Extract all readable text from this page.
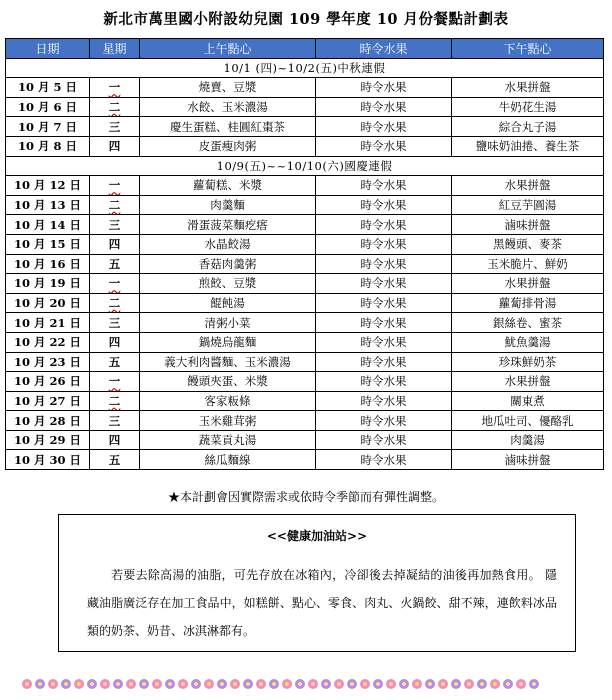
新北市萬里國小附設幼兒園 109 學年度 10 月份餐點計劃表
日期	星期	上午點心	時令水果	下午點心
10/1 (四)~10/2(五)中秋連假				
10 月 5 日	一	燒賣、豆漿	時令水果	水果拼盤
10 月 6 日	二	水餃、玉米濃湯	時令水果	牛奶花生湯
10 月 7 日	三	慶生蛋糕、桂圓紅棗茶	時令水果	綜合丸子湯
10 月 8 日	四	皮蛋瘦肉粥	時令水果	鹽味奶油捲、養生茶
10/9(五)~~10/10(六)國慶連假				
10 月 12 日	一	蘿蔔糕、米漿	時令水果	水果拼盤
10 月 13 日	二	肉羹麵	時令水果	紅豆芋圓湯
10 月 14 日	三	滑蛋菠菜麵疙瘩	時令水果	滷味拼盤
10 月 15 日	四	水晶餃湯	時令水果	黑饅頭、麥茶
10 月 16 日	五	香菇肉羹粥	時令水果	玉米脆片、鮮奶
10 月 19 日	一	煎餃、豆漿	時令水果	水果拼盤
10 月 20 日	二	餛飩湯	時令水果	蘿蔔排骨湯
10 月 21 日	三	清粥小菜	時令水果	銀絲卷、蜜茶
10 月 22 日	四	鍋燒烏龍麵	時令水果	魷魚羹湯
10 月 23 日	五	義大利肉醬麵、玉米濃湯	時令水果	珍珠鮮奶茶
10 月 26 日	一	饅頭夾蛋、米漿	時令水果	水果拼盤
10 月 27 日	二	客家粄條	時令水果	關東煮
10 月 28 日	三	玉米雞茸粥	時令水果	地瓜吐司、優酪乳
10 月 29 日	四	蔬菜貢丸湯	時令水果	肉羹湯
10 月 30 日	五	絲瓜麵線	時令水果	滷味拼盤
★本計劃會因實際需求或依時令季節而有彈性調整。
<<健康加油站>>
若要去除高湯的油脂，可先存放在冰箱內，冷卻後去掉凝結的油後再加熱食用。 隱藏油脂廣泛存在加工食品中，如糕餅、點心、零食、肉丸、火鍋餃、甜不辣，連飲料冰品類的奶茶、奶昔、冰淇淋都有。
